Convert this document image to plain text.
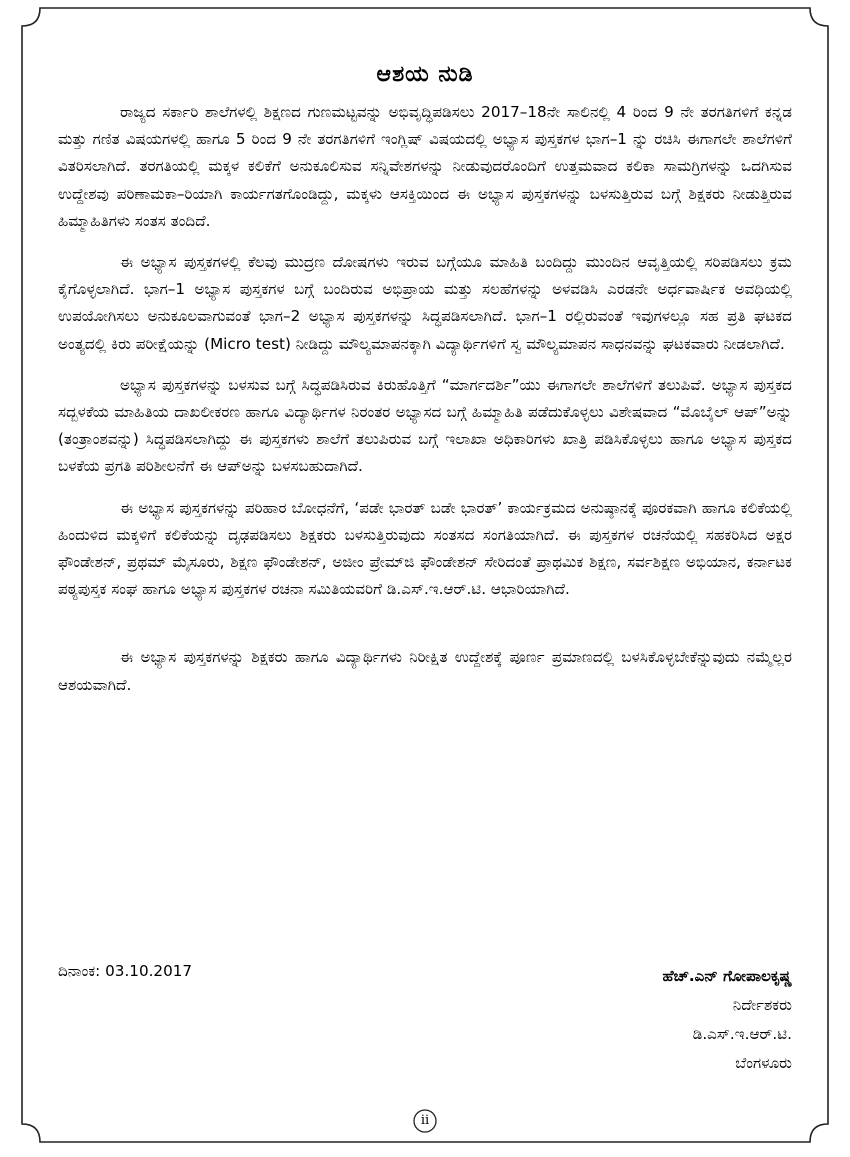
ಆಶಯ ನುಡಿ

ರಾಜ್ಯದ ಸರ್ಕಾರಿ ಶಾಲೆಗಳಲ್ಲಿ ಶಿಕ್ಷಣದ ಗುಣಮಟ್ಟವನ್ನು ಅಭಿವೃದ್ಧಿಪಡಿಸಲು 2017–18ನೇ ಸಾಲಿನಲ್ಲಿ 4 ರಿಂದ 9 ನೇ ತರಗತಿಗಳಿಗೆ ಕನ್ನಡ ಮತ್ತು ಗಣಿತ ವಿಷಯಗಳಲ್ಲಿ ಹಾಗೂ 5 ರಿಂದ 9 ನೇ ತರಗತಿಗಳಿಗೆ ಇಂಗ್ಲಿಷ್ ವಿಷಯದಲ್ಲಿ ಅಭ್ಯಾಸ ಪುಸ್ತಕಗಳ ಭಾಗ–1 ನ್ನು ರಚಿಸಿ ಈಗಾಗಲೇ ಶಾಲೆಗಳಿಗೆ ವಿತರಿಸಲಾಗಿದೆ. ತರಗತಿಯಲ್ಲಿ ಮಕ್ಕಳ ಕಲಿಕೆಗೆ ಅನುಕೂಲಿಸುವ ಸನ್ನಿವೇಶಗಳನ್ನು ನೀಡುವುದರೊಂದಿಗೆ ಉತ್ತಮವಾದ ಕಲಿಕಾ ಸಾಮಗ್ರಿಗಳನ್ನು ಒದಗಿಸುವ ಉದ್ದೇಶವು ಪರಿಣಾಮಕಾ–ರಿಯಾಗಿ ಕಾರ್ಯಗತಗೊಂಡಿದ್ದು, ಮಕ್ಕಳು ಆಸಕ್ತಿಯಿಂದ ಈ ಅಭ್ಯಾಸ ಪುಸ್ತಕಗಳನ್ನು ಬಳಸುತ್ತಿರುವ ಬಗ್ಗೆ ಶಿಕ್ಷಕರು ನೀಡುತ್ತಿರುವ ಹಿಮ್ಮಾಹಿತಿಗಳು ಸಂತಸ ತಂದಿದೆ.

ಈ ಅಭ್ಯಾಸ ಪುಸ್ತಕಗಳಲ್ಲಿ ಕೆಲವು ಮುದ್ರಣ ದೋಷಗಳು ಇರುವ ಬಗ್ಗೆಯೂ ಮಾಹಿತಿ ಬಂದಿದ್ದು ಮುಂದಿನ ಆವೃತ್ತಿಯಲ್ಲಿ ಸರಿಪಡಿಸಲು ಕ್ರಮ ಕೈಗೊಳ್ಳಲಾಗಿದೆ. ಭಾಗ–1 ಅಭ್ಯಾಸ ಪುಸ್ತಕಗಳ ಬಗ್ಗೆ ಬಂದಿರುವ ಅಭಿಪ್ರಾಯ ಮತ್ತು ಸಲಹೆಗಳನ್ನು ಅಳವಡಿಸಿ ಎರಡನೇ ಅರ್ಧವಾರ್ಷಿಕ ಅವಧಿಯಲ್ಲಿ ಉಪಯೋಗಿಸಲು ಅನುಕೂಲವಾಗುವಂತೆ ಭಾಗ–2 ಅಭ್ಯಾಸ ಪುಸ್ತಕಗಳನ್ನು ಸಿದ್ಧಪಡಿಸಲಾಗಿದೆ. ಭಾಗ–1 ರಲ್ಲಿರುವಂತೆ ಇವುಗಳಲ್ಲೂ ಸಹ ಪ್ರತಿ ಘಟಕದ ಅಂತ್ಯದಲ್ಲಿ ಕಿರು ಪರೀಕ್ಷೆಯನ್ನು (Micro test) ನೀಡಿದ್ದು ಮೌಲ್ಯಮಾಪನಕ್ಕಾಗಿ ವಿದ್ಯಾರ್ಥಿಗಳಿಗೆ ಸ್ವ ಮೌಲ್ಯಮಾಪನ ಸಾಧನವನ್ನು ಘಟಕವಾರು ನೀಡಲಾಗಿದೆ.

ಅಭ್ಯಾಸ ಪುಸ್ತಕಗಳನ್ನು ಬಳಸುವ ಬಗ್ಗೆ ಸಿದ್ಧಪಡಿಸಿರುವ ಕಿರುಹೊತ್ತಿಗೆ “ಮಾರ್ಗದರ್ಶಿ”ಯು ಈಗಾಗಲೇ ಶಾಲೆಗಳಿಗೆ ತಲುಪಿವೆ. ಅಭ್ಯಾಸ ಪುಸ್ತಕದ ಸದ್ಬಳಕೆಯ ಮಾಹಿತಿಯ ದಾಖಲೀಕರಣ ಹಾಗೂ ವಿದ್ಯಾರ್ಥಿಗಳ ನಿರಂತರ ಅಭ್ಯಾಸದ ಬಗ್ಗೆ ಹಿಮ್ಮಾಹಿತಿ ಪಡೆದುಕೊಳ್ಳಲು ವಿಶೇಷವಾದ “ಮೊಬೈಲ್ ಆಪ್”ಅನ್ನು (ತಂತ್ರಾಂಶವನ್ನು) ಸಿದ್ಧಪಡಿಸಲಾಗಿದ್ದು ಈ ಪುಸ್ತಕಗಳು ಶಾಲೆಗೆ ತಲುಪಿರುವ ಬಗ್ಗೆ ಇಲಾಖಾ ಅಧಿಕಾರಿಗಳು ಖಾತ್ರಿ ಪಡಿಸಿಕೊಳ್ಳಲು ಹಾಗೂ ಅಭ್ಯಾಸ ಪುಸ್ತಕದ ಬಳಕೆಯ ಪ್ರಗತಿ ಪರಿಶೀಲನೆಗೆ ಈ ಆಪ್‌ಅನ್ನು ಬಳಸಬಹುದಾಗಿದೆ.

ಈ ಅಭ್ಯಾಸ ಪುಸ್ತಕಗಳನ್ನು ಪರಿಹಾರ ಬೋಧನೆಗೆ, ‘ಪಡೇ ಭಾರತ್ ಬಡೇ ಭಾರತ್’ ಕಾರ್ಯಕ್ರಮದ ಅನುಷ್ಠಾನಕ್ಕೆ ಪೂರಕವಾಗಿ ಹಾಗೂ ಕಲಿಕೆಯಲ್ಲಿ ಹಿಂದುಳಿದ ಮಕ್ಕಳಿಗೆ ಕಲಿಕೆಯನ್ನು ದೃಢಪಡಿಸಲು ಶಿಕ್ಷಕರು ಬಳಸುತ್ತಿರುವುದು ಸಂತಸದ ಸಂಗತಿಯಾಗಿದೆ. ಈ ಪುಸ್ತಕಗಳ ರಚನೆಯಲ್ಲಿ ಸಹಕರಿಸಿದ ಅಕ್ಷರ ಫೌಂಡೇಶನ್, ಪ್ರಥಮ್ ಮೈಸೂರು, ಶಿಕ್ಷಣ ಫೌಂಡೇಶನ್, ಅಜೀಂ ಪ್ರೇಮ್‌ಜಿ ಫೌಂಡೇಶನ್ ಸೇರಿದಂತೆ ಪ್ರಾಥಮಿಕ ಶಿಕ್ಷಣ, ಸರ್ವಶಿಕ್ಷಣ ಅಭಿಯಾನ, ಕರ್ನಾಟಕ ಪಠ್ಯಪುಸ್ತಕ ಸಂಘ ಹಾಗೂ ಅಭ್ಯಾಸ ಪುಸ್ತಕಗಳ ರಚನಾ ಸಮಿತಿಯವರಿಗೆ ಡಿ.ಎಸ್.ಇ.ಆರ್.ಟಿ. ಆಭಾರಿಯಾಗಿದೆ.

ಈ ಅಭ್ಯಾಸ ಪುಸ್ತಕಗಳನ್ನು ಶಿಕ್ಷಕರು ಹಾಗೂ ವಿದ್ಯಾರ್ಥಿಗಳು ನಿರೀಕ್ಷಿತ ಉದ್ದೇಶಕ್ಕೆ ಪೂರ್ಣ ಪ್ರಮಾಣದಲ್ಲಿ ಬಳಸಿಕೊಳ್ಳಬೇಕೆನ್ನುವುದು ನಮ್ಮೆಲ್ಲರ ಆಶಯವಾಗಿದೆ.

ದಿನಾಂಕ: 03.10.2017	ಹೆಚ್.ಎನ್ ಗೋಪಾಲಕೃಷ್ಣ
ನಿರ್ದೇಶಕರು
ಡಿ.ಎಸ್.ಇ.ಆರ್.ಟಿ.
ಬೆಂಗಳೂರು
ii
